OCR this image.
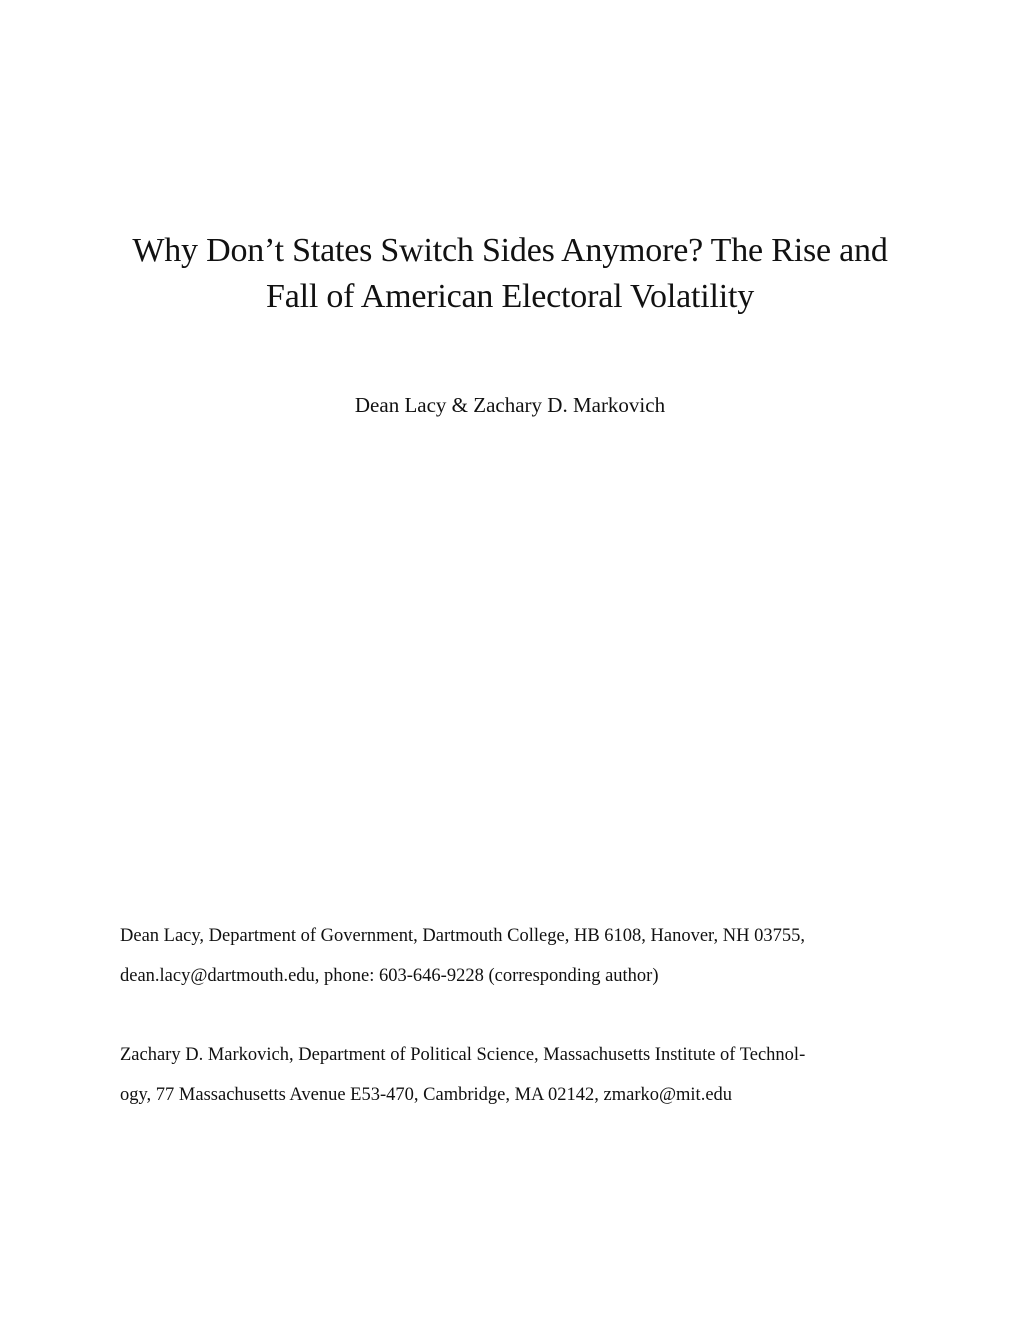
Why Don’t States Switch Sides Anymore? The Rise and
Fall of American Electoral Volatility
Dean Lacy & Zachary D. Markovich
Dean Lacy, Department of Government, Dartmouth College, HB 6108, Hanover, NH 03755,
dean.lacy@dartmouth.edu, phone: 603-646-9228 (corresponding author)
Zachary D. Markovich, Department of Political Science, Massachusetts Institute of Technol-
ogy, 77 Massachusetts Avenue E53-470, Cambridge, MA 02142, zmarko@mit.edu
